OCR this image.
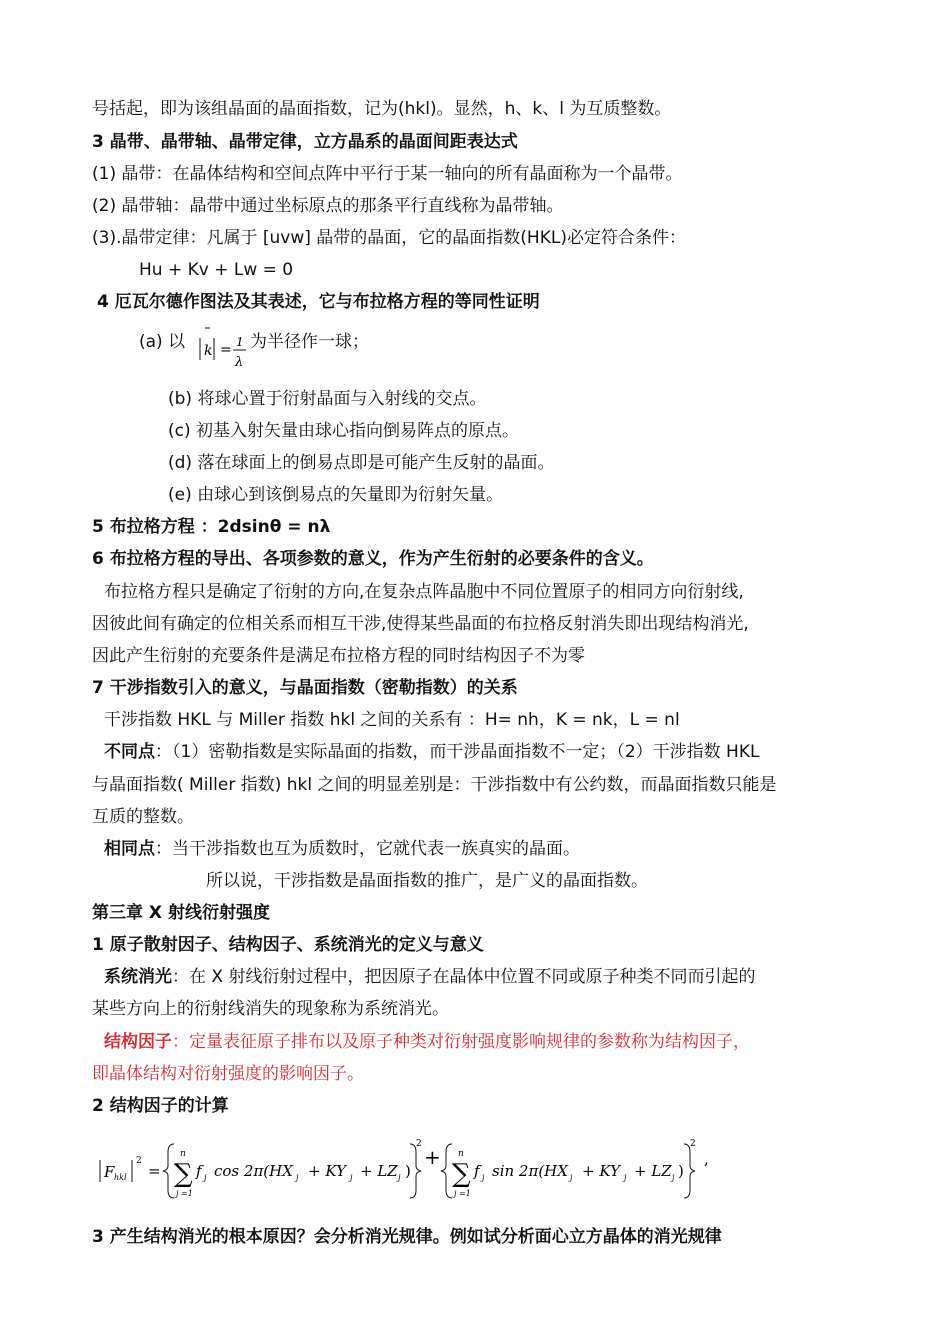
号括起，即为该组晶面的晶面指数，记为(hkl)。显然，h、k、l 为互质整数。
3 晶带、晶带轴、晶带定律，立方晶系的晶面间距表达式
(1) 晶带：在晶体结构和空间点阵中平行于某一轴向的所有晶面称为一个晶带。
(2) 晶带轴：晶带中通过坐标原点的那条平行直线称为晶带轴。
(3).晶带定律：凡属于 [uvw] 晶带的晶面，它的晶面指数(HKL)必定符合条件：
Hu + Kv + Lw = 0
4 厄瓦尔德作图法及其表述，它与布拉格方程的等同性证明
(a) 以 k = 1
λ
为半径作一球；
(b) 将球心置于衍射晶面与入射线的交点。
(c) 初基入射矢量由球心指向倒易阵点的原点。
(d) 落在球面上的倒易点即是可能产生反射的晶面。
(e) 由球心到该倒易点的矢量即为衍射矢量。
5 布拉格方程 ：2dsinθ = nλ
6 布拉格方程的导出、各项参数的意义，作为产生衍射的必要条件的含义。
布拉格方程只是确定了衍射的方向,在复杂点阵晶胞中不同位置原子的相同方向衍射线,
因彼此间有确定的位相关系而相互干涉,使得某些晶面的布拉格反射消失即出现结构消光,
因此产生衍射的充要条件是满足布拉格方程的同时结构因子不为零
7 干涉指数引入的意义，与晶面指数（密勒指数）的关系
干涉指数 HKL 与 Miller 指数 hkl 之间的关系有 ：H= nh，K = nk，L = nl
不同点：（1）密勒指数是实际晶面的指数，而干涉晶面指数不一定；（2）干涉指数 HKL
与晶面指数( Miller 指数) hkl 之间的明显差别是：干涉指数中有公约数，而晶面指数只能是
互质的整数。
相同点：当干涉指数也互为质数时，它就代表一族真实的晶面。
所以说，干涉指数是晶面指数的推广，是广义的晶面指数。
第三章 X 射线衍射强度
1 原子散射因子、结构因子、系统消光的定义与意义
系统消光：在 X 射线衍射过程中，把因原子在晶体中位置不同或原子种类不同而引起的
某些方向上的衍射线消失的现象称为系统消光。
结构因子：定量表征原子排布以及原子种类对衍射强度影响规律的参数称为结构因子，
即晶体结构对衍射强度的影响因子。
2 结构因子的计算
F hkl
2
=
n
∑
j =1
f j cos 2π(HX j + KY j + LZ j )
2
+ n
∑
j =1
f j sin 2π(HX j + KY j + LZ j )
2
,
3 产生结构消光的根本原因？会分析消光规律。例如试分析面心立方晶体的消光规律
